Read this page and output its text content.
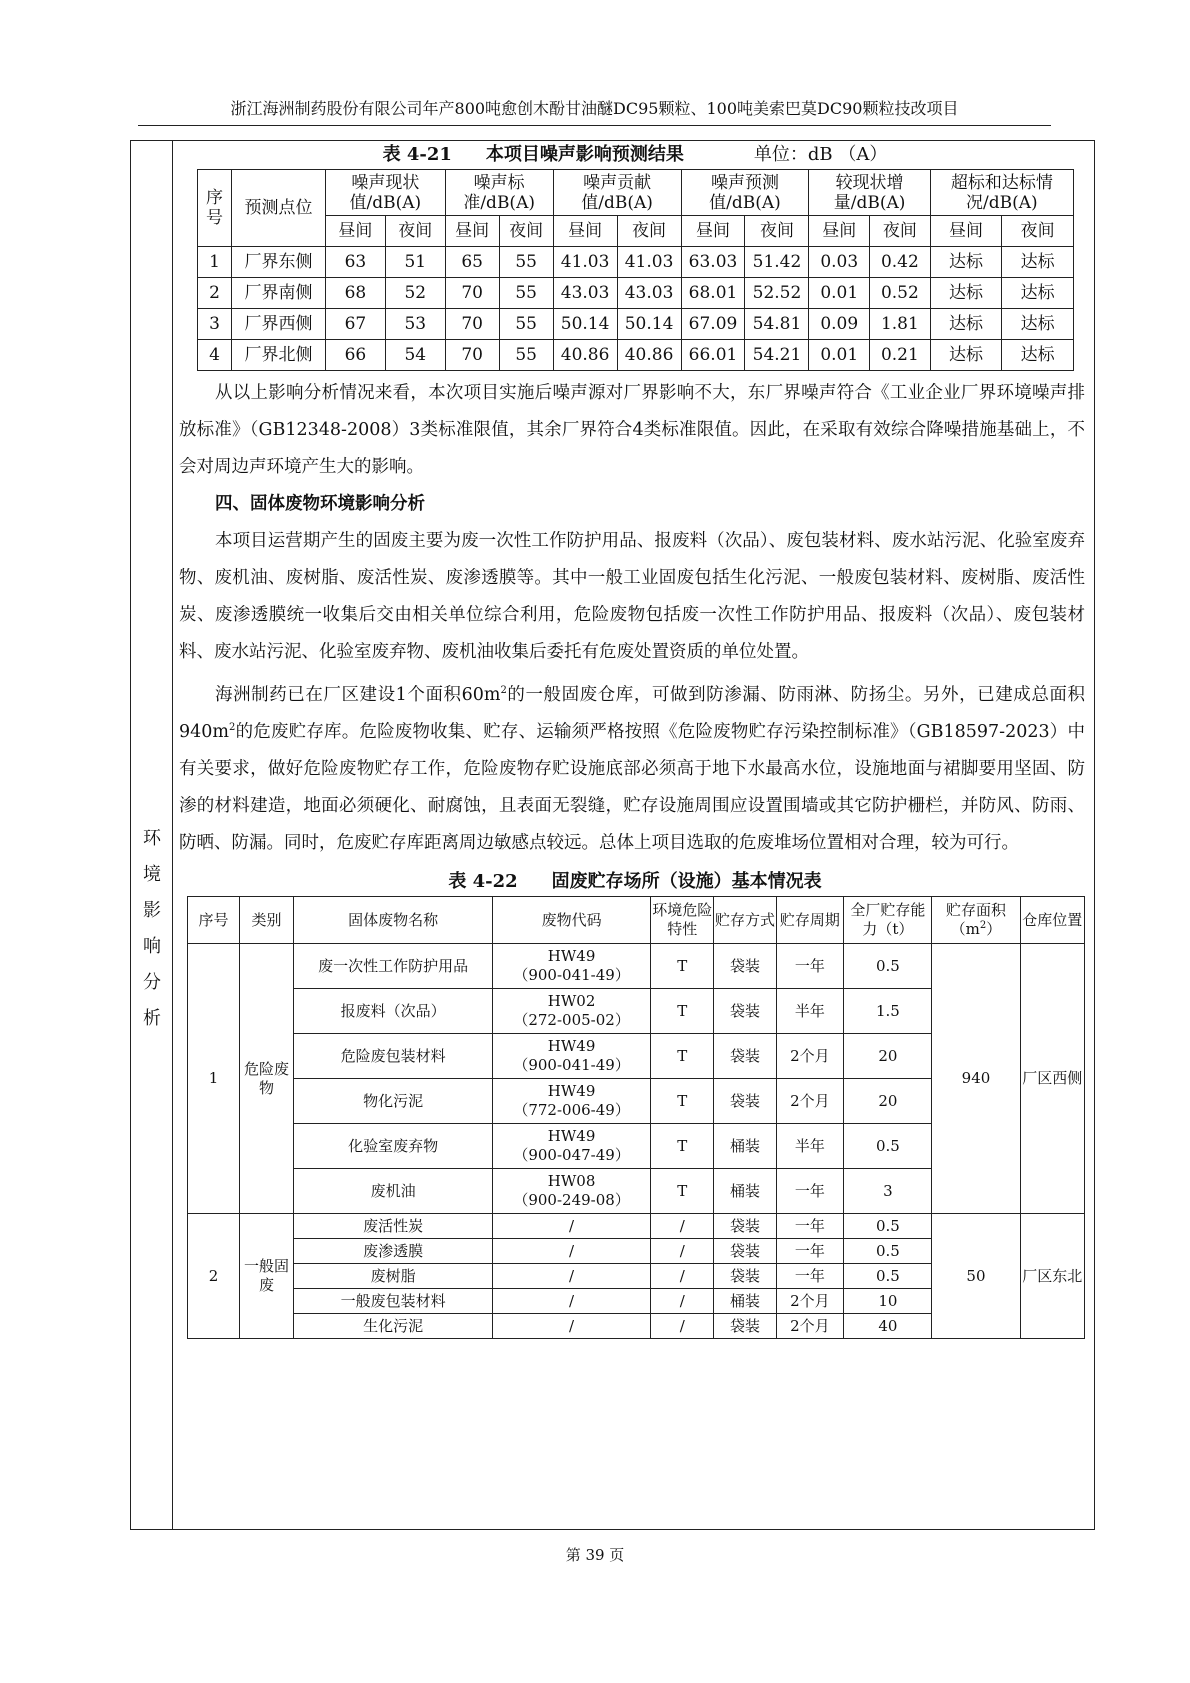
浙江海洲制药股份有限公司年产800吨愈创木酚甘油醚DC95颗粒、100吨美索巴莫DC90颗粒技改项目
环
境
影
响
分
析
表 4-21 本项目噪声影响预测结果	单位：dB （A）
序号	预测点位	噪声现状值/dB(A)		噪声标准/dB(A)		噪声贡献值/dB(A)		噪声预测值/dB(A)		较现状增量/dB(A)		超标和达标情况/dB(A)	
		昼间	夜间	昼间	夜间	昼间	夜间	昼间	夜间	昼间	夜间	昼间	夜间
1	厂界东侧	63	51	65	55	41.03	41.03	63.03	51.42	0.03	0.42	达标	达标
2	厂界南侧	68	52	70	55	43.03	43.03	68.01	52.52	0.01	0.52	达标	达标
3	厂界西侧	67	53	70	55	50.14	50.14	67.09	54.81	0.09	1.81	达标	达标
4	厂界北侧	66	54	70	55	40.86	40.86	66.01	54.21	0.01	0.21	达标	达标

从以上影响分析情况来看，本次项目实施后噪声源对厂界影响不大，东厂界噪声符合《工业企业厂界环境噪声排放标准》（GB12348-2008）3类标准限值，其余厂界符合4类标准限值。因此，在采取有效综合降噪措施基础上，不会对周边声环境产生大的影响。

四、固体废物环境影响分析

本项目运营期产生的固废主要为废一次性工作防护用品、报废料（次品）、废包装材料、废水站污泥、化验室废弃物、废机油、废树脂、废活性炭、废渗透膜等。其中一般工业固废包括生化污泥、一般废包装材料、废树脂、废活性炭、废渗透膜统一收集后交由相关单位综合利用，危险废物包括废一次性工作防护用品、报废料（次品）、废包装材料、废水站污泥、化验室废弃物、废机油收集后委托有危废处置资质的单位处置。

海洲制药已在厂区建设1个面积$60m^2$的一般固废仓库，可做到防渗漏、防雨淋、防扬尘。另外，已建成总面积$940m^2$的危废贮存库。危险废物收集、贮存、运输须严格按照《危险废物贮存污染控制标准》（GB18597-2023）中有关要求，做好危险废物贮存工作，危险废物存贮设施底部必须高于地下水最高水位，设施地面与裙脚要用坚固、防渗的材料建造，地面必须硬化、耐腐蚀，且表面无裂缝，贮存设施周围应设置围墙或其它防护栅栏，并防风、防雨、防晒、防漏。同时，危废贮存库距离周边敏感点较远。总体上项目选取的危废堆场位置相对合理，较为可行。

表 4-22 固废贮存场所（设施）基本情况表
序号	类别	固体废物名称	废物代码	环境危险特性	贮存方式	贮存周期	全厂贮存能力（t）	贮存面积$(m^2)$	仓库位置
1	危险废物	废一次性工作防护用品	HW49
（900-041-49）	T	袋装	一年	0.5	940	厂区西侧
		报废料（次品）	HW02
（272-005-02）	T	袋装	半年	1.5		
		危险废包装材料	HW49
（900-041-49）	T	袋装	2个月	20		
		物化污泥	HW49
（772-006-49）	T	袋装	2个月	20		
		化验室废弃物	HW49
（900-047-49）	T	桶装	半年	0.5		
		废机油	HW08
（900-249-08）	T	桶装	一年	3		
2	一般固废	废活性炭	/	/	袋装	一年	0.5	50	厂区东北
		废渗透膜	/	/	袋装	一年	0.5		
		废树脂	/	/	袋装	一年	0.5		
		一般废包装材料	/	/	桶装	2个月	10		
		生化污泥	/	/	袋装	2个月	40		
第 39 页
